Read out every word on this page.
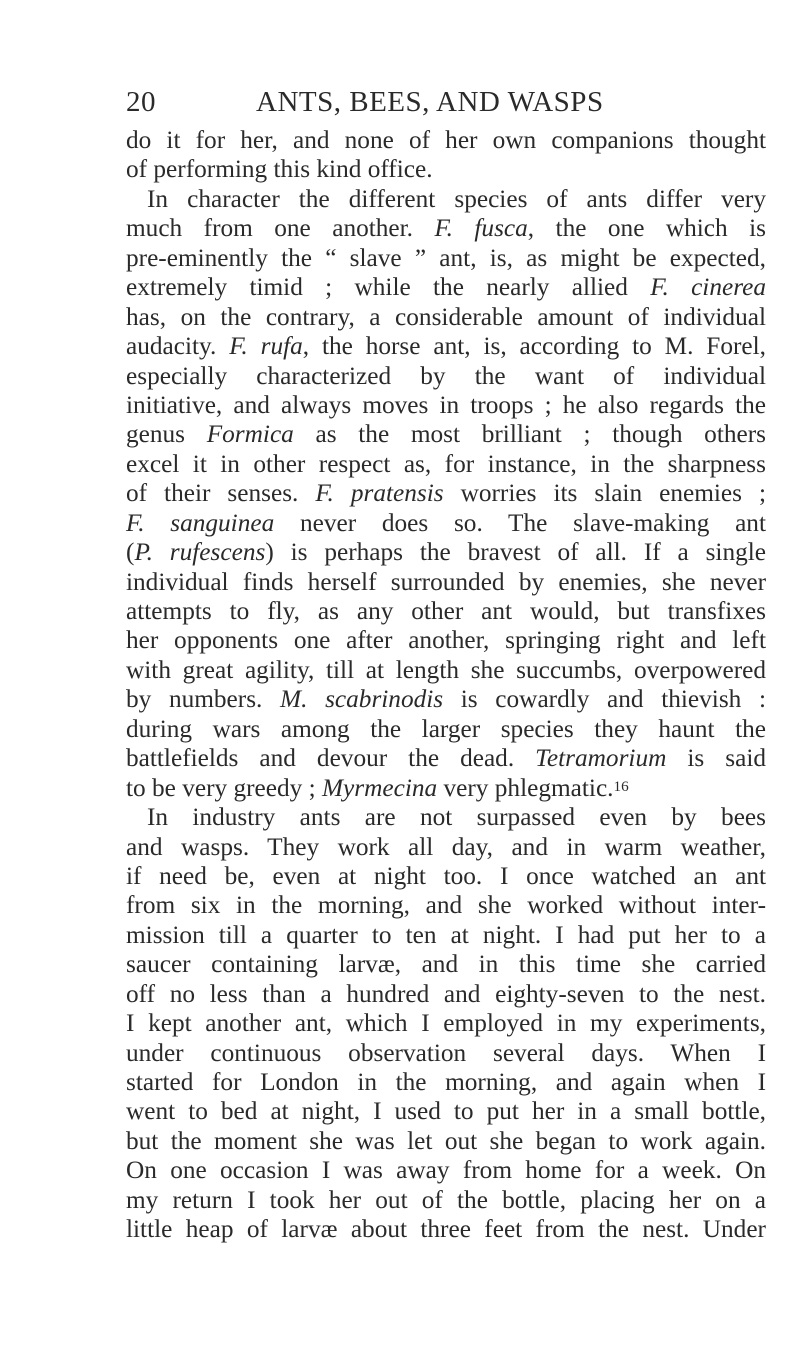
20	ANTS, BEES, AND WASPS
do it for her, and none of her own companions thought
of performing this kind office.
In character the different species of ants differ very
much from one another. F. fusca, the one which is
pre-eminently the “ slave ” ant, is, as might be expected,
extremely timid ; while the nearly allied F. cinerea
has, on the contrary, a considerable amount of individual
audacity. F. rufa, the horse ant, is, according to M. Forel,
especially characterized by the want of individual
initiative, and always moves in troops ; he also regards the
genus Formica as the most brilliant ; though others
excel it in other respect as, for instance, in the sharpness
of their senses. F. pratensis worries its slain enemies ;
F. sanguinea never does so. The slave-making ant
(P. rufescens) is perhaps the bravest of all. If a single
individual finds herself surrounded by enemies, she never
attempts to fly, as any other ant would, but transfixes
her opponents one after another, springing right and left
with great agility, till at length she succumbs, overpowered
by numbers. M. scabrinodis is cowardly and thievish :
during wars among the larger species they haunt the
battlefields and devour the dead. Tetramorium is said
to be very greedy ; Myrmecina very phlegmatic.$^{16}$
In industry ants are not surpassed even by bees
and wasps. They work all day, and in warm weather,
if need be, even at night too. I once watched an ant
from six in the morning, and she worked without inter-
mission till a quarter to ten at night. I had put her to a
saucer containing larvæ, and in this time she carried
off no less than a hundred and eighty-seven to the nest.
I kept another ant, which I employed in my experiments,
under continuous observation several days. When I
started for London in the morning, and again when I
went to bed at night, I used to put her in a small bottle,
but the moment she was let out she began to work again.
On one occasion I was away from home for a week. On
my return I took her out of the bottle, placing her on a
little heap of larvæ about three feet from the nest. Under
